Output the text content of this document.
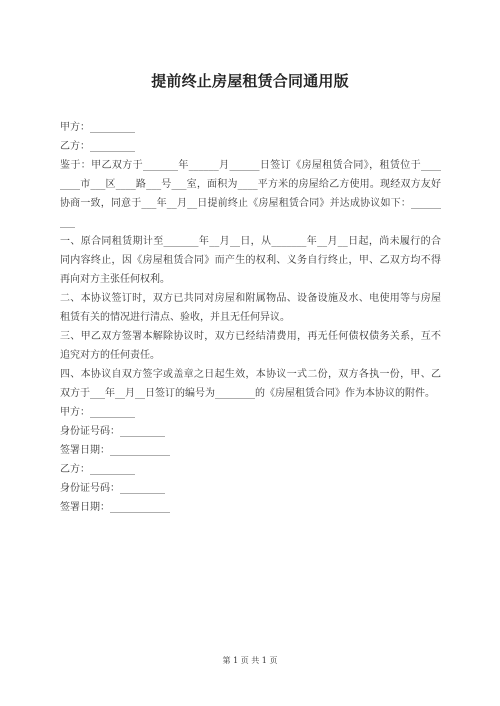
提前终止房屋租赁合同通用版
甲方：_________
乙方：_________
鉴于：甲乙双方于_______年______月______日签订《房屋租赁合同》，租赁位于____
____市___区____路___号___室，面积为____平方米的房屋给乙方使用。现经双方友好
协商一致，同意于___年__月__日提前终止《房屋租赁合同》并达成协议如下：______
___
一、原合同租赁期计至_______年__月__日，从_______年__月__日起，尚未履行的合
同内容终止，因《房屋租赁合同》而产生的权利、义务自行终止，甲、乙双方均不得
再向对方主张任何权利。
二、本协议签订时，双方已共同对房屋和附属物品、设备设施及水、电使用等与房屋
租赁有关的情况进行清点、验收，并且无任何异议。
三、甲乙双方签署本解除协议时，双方已经结清费用，再无任何债权债务关系，互不
追究对方的任何责任。
四、本协议自双方签字或盖章之日起生效，本协议一式二份，双方各执一份，甲、乙
双方于___年__月__日签订的编号为________的《房屋租赁合同》作为本协议的附件。
甲方：_________
身份证号码：_________
签署日期：____________
乙方：_________
身份证号码：_________
签署日期：____________
第 1 页 共 1 页
